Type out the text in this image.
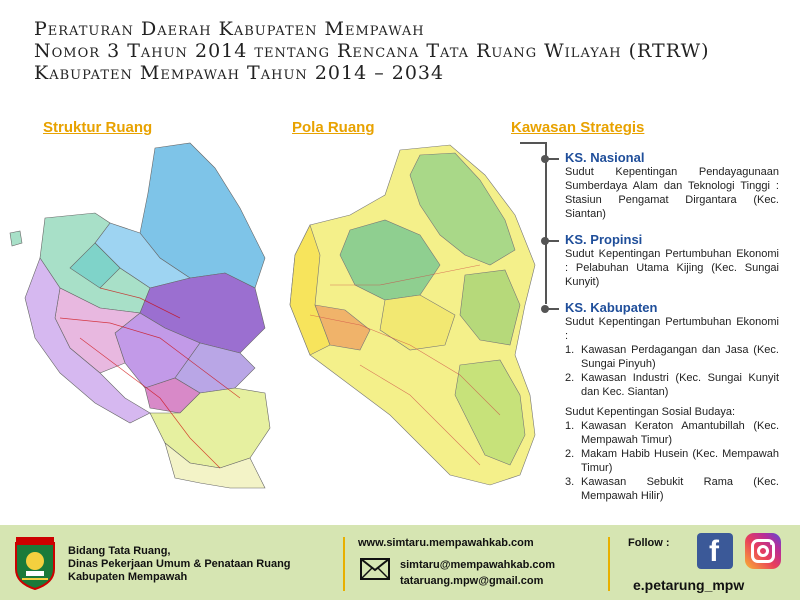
Peraturan Daerah Kabupaten Mempawah
Nomor 3 Tahun 2014 tentang Rencana Tata Ruang Wilayah (RTRW)
Kabupaten Mempawah Tahun 2014 – 2034
Struktur Ruang	Pola Ruang	Kawasan Strategis
KS. Nasional
Sudut Kepentingan Pendayagunaan Sumberdaya Alam dan Teknologi Tinggi : Stasiun Pengamat Dirgantara (Kec. Siantan)
KS. Propinsi
Sudut Kepentingan Pertumbuhan Ekonomi : Pelabuhan Utama Kijing (Kec. Sungai Kunyit)
KS. Kabupaten
Sudut Kepentingan Pertumbuhan Ekonomi :
1. Kawasan Perdagangan dan Jasa (Kec. Sungai Pinyuh)
2. Kawasan Industri (Kec. Sungai Kunyit dan Kec. Siantan)
Sudut Kepentingan Sosial Budaya:
1. Kawasan Keraton Amantubillah (Kec. Mempawah Timur)
2. Makam Habib Husein (Kec. Mempawah Timur)
3. Kawasan Sebukit Rama (Kec. Mempawah Hilir)
Bidang Tata Ruang,
Dinas Pekerjaan Umum & Penataan Ruang
Kabupaten Mempawah
www.simtaru.mempawahkab.com
simtaru@mempawahkab.com
tataruang.mpw@gmail.com
Follow : f
e.petarung_mpw
